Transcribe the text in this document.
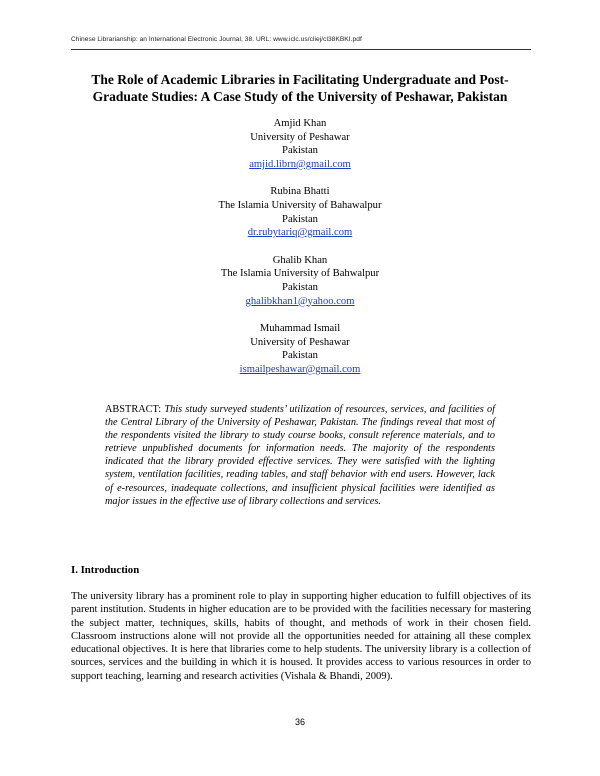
Chinese Librarianship: an International Electronic Journal, 38. URL: www.iclc.us/cliej/cl38KBKI.pdf
The Role of Academic Libraries in Facilitating Undergraduate and Post-
Graduate Studies: A Case Study of the University of Peshawar, Pakistan
Amjid Khan
University of Peshawar
Pakistan
amjid.librn@gmail.com
Rubina Bhatti
The Islamia University of Bahawalpur
Pakistan
dr.rubytariq@gmail.com
Ghalib Khan
The Islamia University of Bahwalpur
Pakistan
ghalibkhan1@yahoo.com
Muhammad Ismail
University of Peshawar
Pakistan
ismailpeshawar@gmail.com
ABSTRACT: This study surveyed students’ utilization of resources, services, and facilities of the Central Library of the University of Peshawar, Pakistan. The findings reveal that most of the respondents visited the library to study course books, consult reference materials, and to retrieve unpublished documents for information needs. The majority of the respondents indicated that the library provided effective services. They were satisfied with the lighting system, ventilation facilities, reading tables, and staff behavior with end users. However, lack of e-resources, inadequate collections, and insufficient physical facilities were identified as major issues in the effective use of library collections and services.
I. Introduction
The university library has a prominent role to play in supporting higher education to fulfill objectives of its parent institution. Students in higher education are to be provided with the facilities necessary for mastering the subject matter, techniques, skills, habits of thought, and methods of work in their chosen field. Classroom instructions alone will not provide all the opportunities needed for attaining all these complex educational objectives. It is here that libraries come to help students. The university library is a collection of sources, services and the building in which it is housed. It provides access to various resources in order to support teaching, learning and research activities (Vishala & Bhandi, 2009).
36
